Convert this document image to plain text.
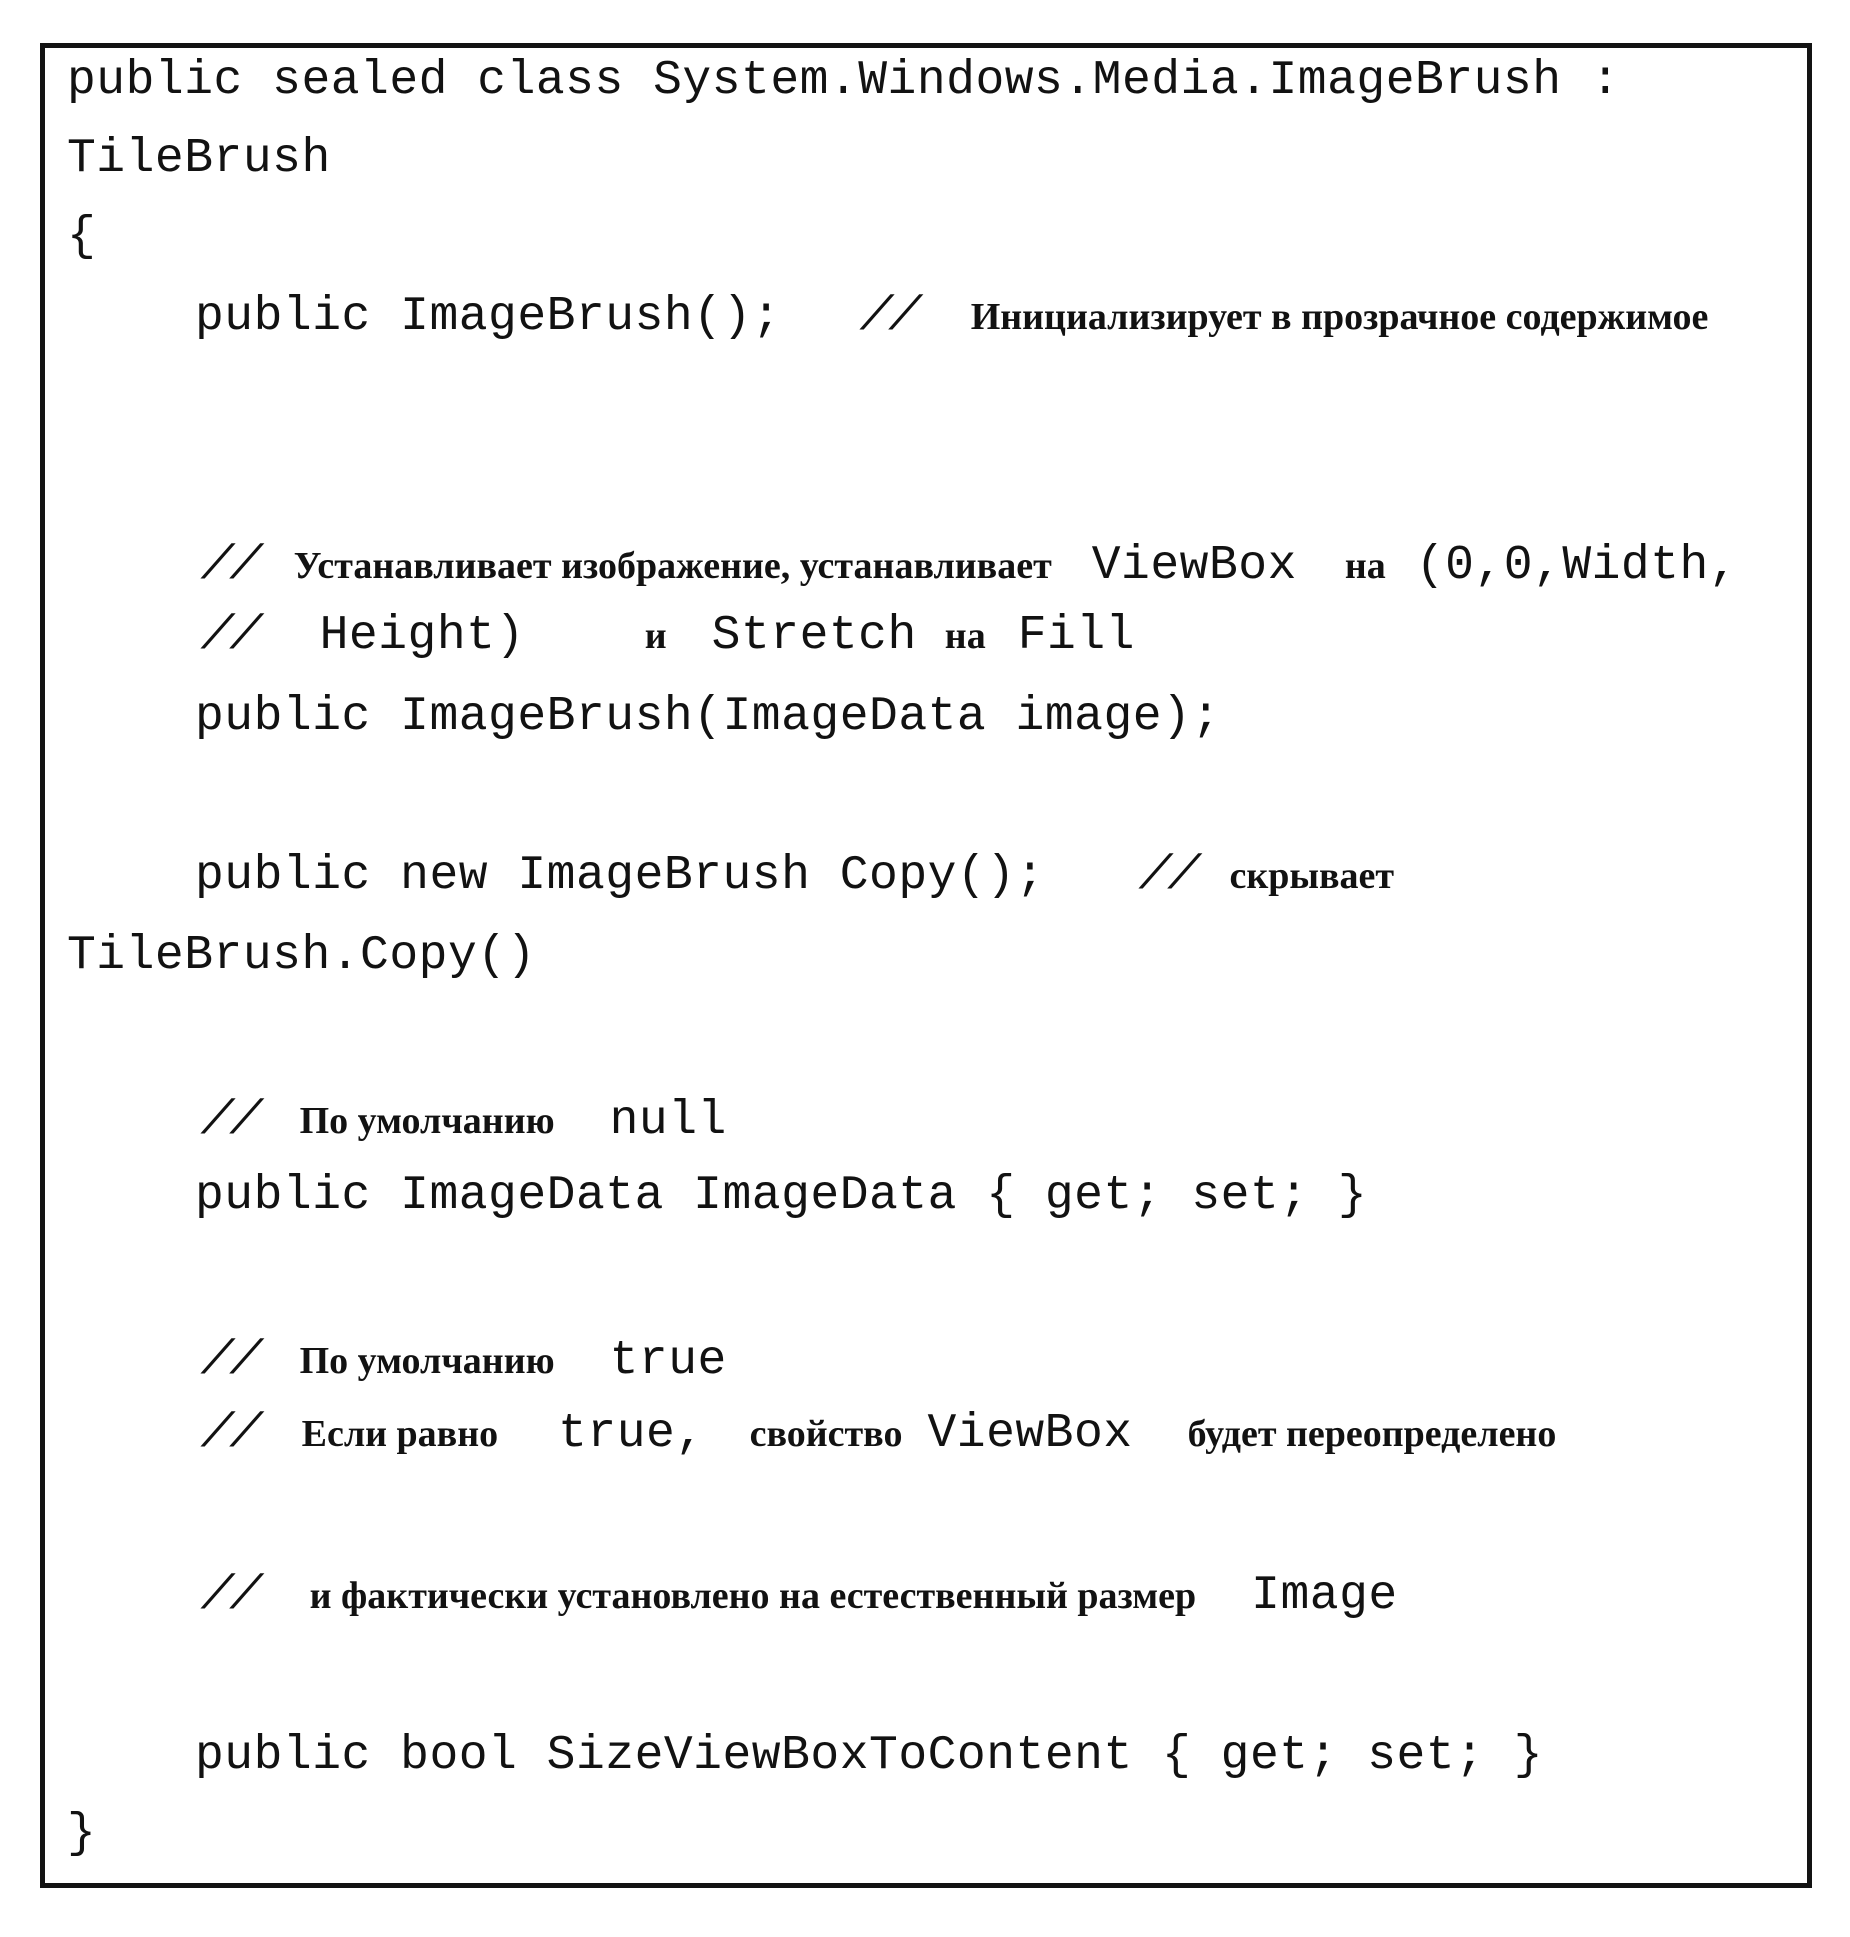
public sealed class System.Windows.Media.ImageBrush :
TileBrush
{
public ImageBrush(); // Инициализирует в прозрачное содержимое
// Устанавливает изображение, устанавливает ViewBox на (0,0,Width,
// Height)	и Stretch на Fill
public ImageBrush(ImageData image);
public new ImageBrush Copy(); // скрывает
TileBrush.Copy()
// По умолчанию null
public ImageData ImageData { get; set; }
// По умолчанию true
// Если равно true, свойство ViewBox будет переопределено
// и фактически установлено на естественный размер Image
public bool SizeViewBoxToContent { get; set; }
}
